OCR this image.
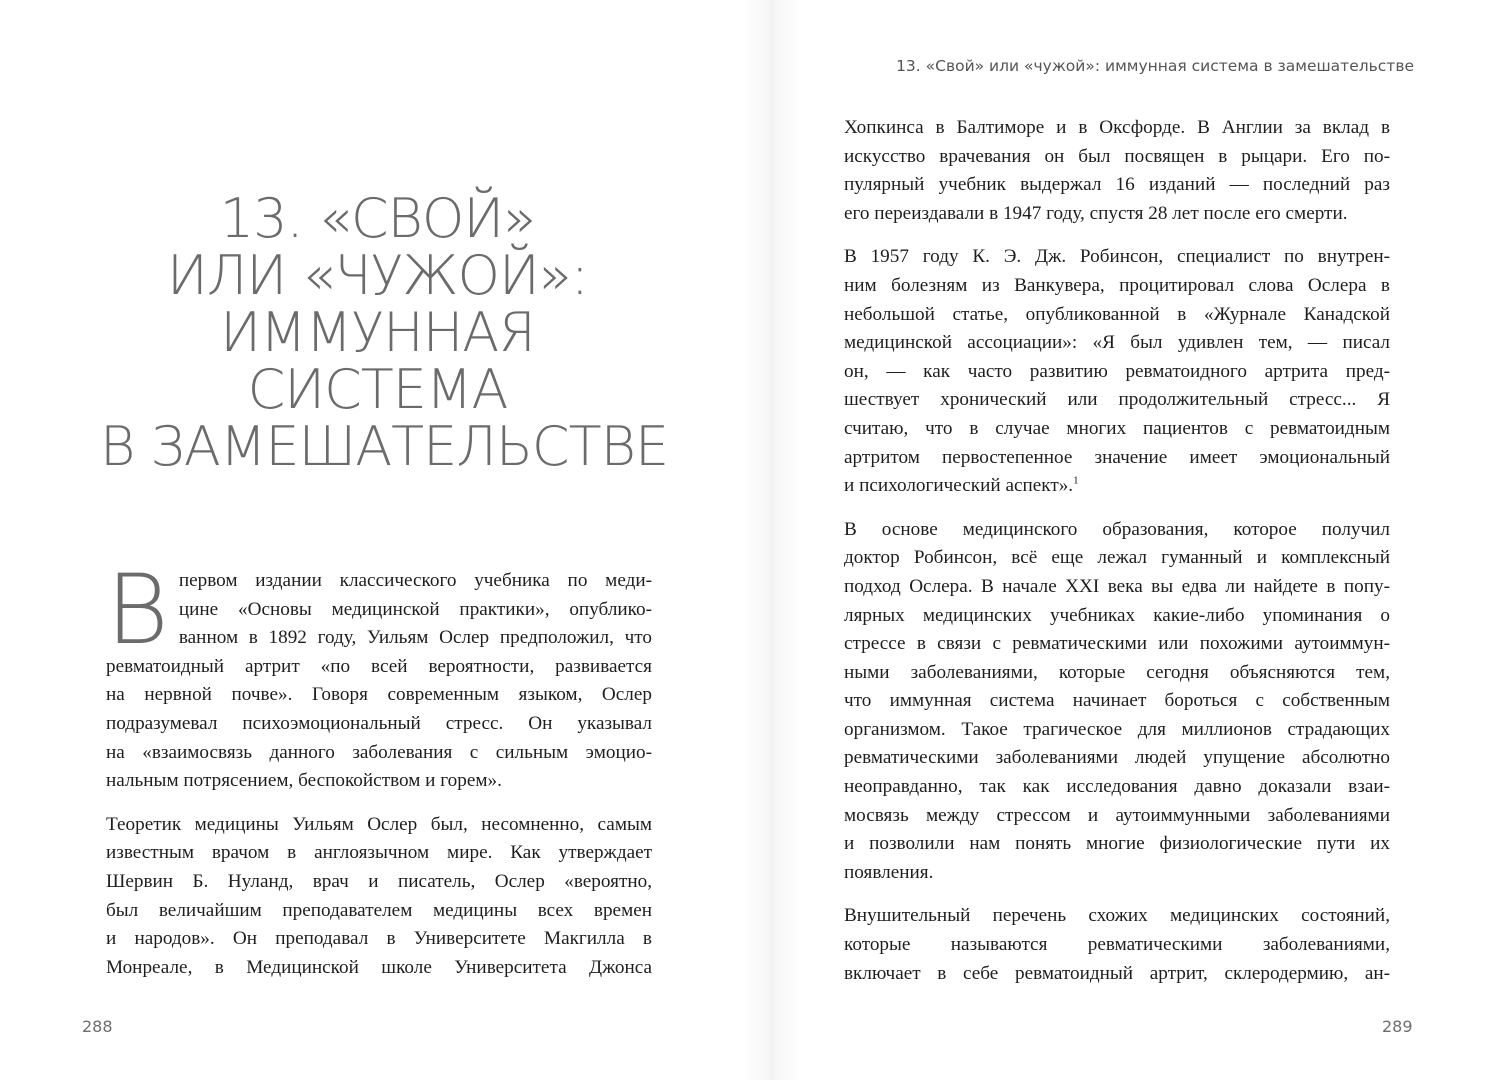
13. «Свой» или «чужой»: иммунная система в замешательстве
13. «СВОЙ»
ИЛИ «ЧУЖОЙ»:
ИММУННАЯ
СИСТЕМА
В ЗАМЕШАТЕЛЬСТВЕ
В первом издании классического учебника по меди-
цине «Основы медицинской практики», опублико-
ванном в 1892 году, Уильям Ослер предположил, что
ревматоидный артрит «по всей вероятности, развивается
на нервной почве». Говоря современным языком, Ослер
подразумевал психоэмоциональный стресс. Он указывал
на «взаимосвязь данного заболевания с сильным эмоцио-
нальным потрясением, беспокойством и горем».
Теоретик медицины Уильям Ослер был, несомненно, самым
известным врачом в англоязычном мире. Как утверждает
Шервин Б. Нуланд, врач и писатель, Ослер «вероятно,
был величайшим преподавателем медицины всех времен
и народов». Он преподавал в Университете Макгилла в
Монреале, в Медицинской школе Университета Джонса
Хопкинса в Балтиморе и в Оксфорде. В Англии за вклад в
искусство врачевания он был посвящен в рыцари. Его по-
пулярный учебник выдержал 16 изданий — последний раз
его переиздавали в 1947 году, спустя 28 лет после его смерти.
В 1957 году К. Э. Дж. Робинсон, специалист по внутрен-
ним болезням из Ванкувера, процитировал слова Ослера в
небольшой статье, опубликованной в «Журнале Канадской
медицинской ассоциации»: «Я был удивлен тем, — писал
он, — как часто развитию ревматоидного артрита пред-
шествует хронический или продолжительный стресс... Я
считаю, что в случае многих пациентов с ревматоидным
артритом первостепенное значение имеет эмоциональный
и психологический аспект».$^1$
В основе медицинского образования, которое получил
доктор Робинсон, всё еще лежал гуманный и комплексный
подход Ослера. В начале XXI века вы едва ли найдете в попу-
лярных медицинских учебниках какие-либо упоминания о
стрессе в связи с ревматическими или похожими аутоиммун-
ными заболеваниями, которые сегодня объясняются тем,
что иммунная система начинает бороться с собственным
организмом. Такое трагическое для миллионов страдающих
ревматическими заболеваниями людей упущение абсолютно
неоправданно, так как исследования давно доказали взаи-
мосвязь между стрессом и аутоиммунными заболеваниями
и позволили нам понять многие физиологические пути их
появления.
Внушительный перечень схожих медицинских состояний,
которые называются ревматическими заболеваниями,
включает в себе ревматоидный артрит, склеродермию, ан-
288	289
